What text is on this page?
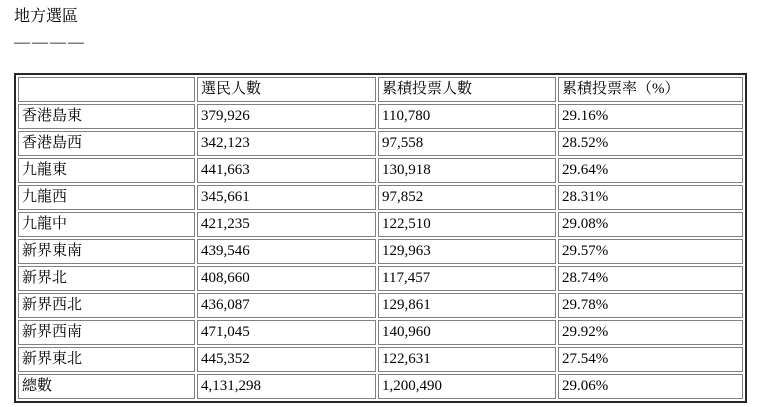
地方選區
————
	選民人數	累積投票人數	累積投票率（%）
香港島東	379,926	110,780	29.16%
香港島西	342,123	97,558	28.52%
九龍東	441,663	130,918	29.64%
九龍西	345,661	97,852	28.31%
九龍中	421,235	122,510	29.08%
新界東南	439,546	129,963	29.57%
新界北	408,660	117,457	28.74%
新界西北	436,087	129,861	29.78%
新界西南	471,045	140,960	29.92%
新界東北	445,352	122,631	27.54%
總數	4,131,298	1,200,490	29.06%
